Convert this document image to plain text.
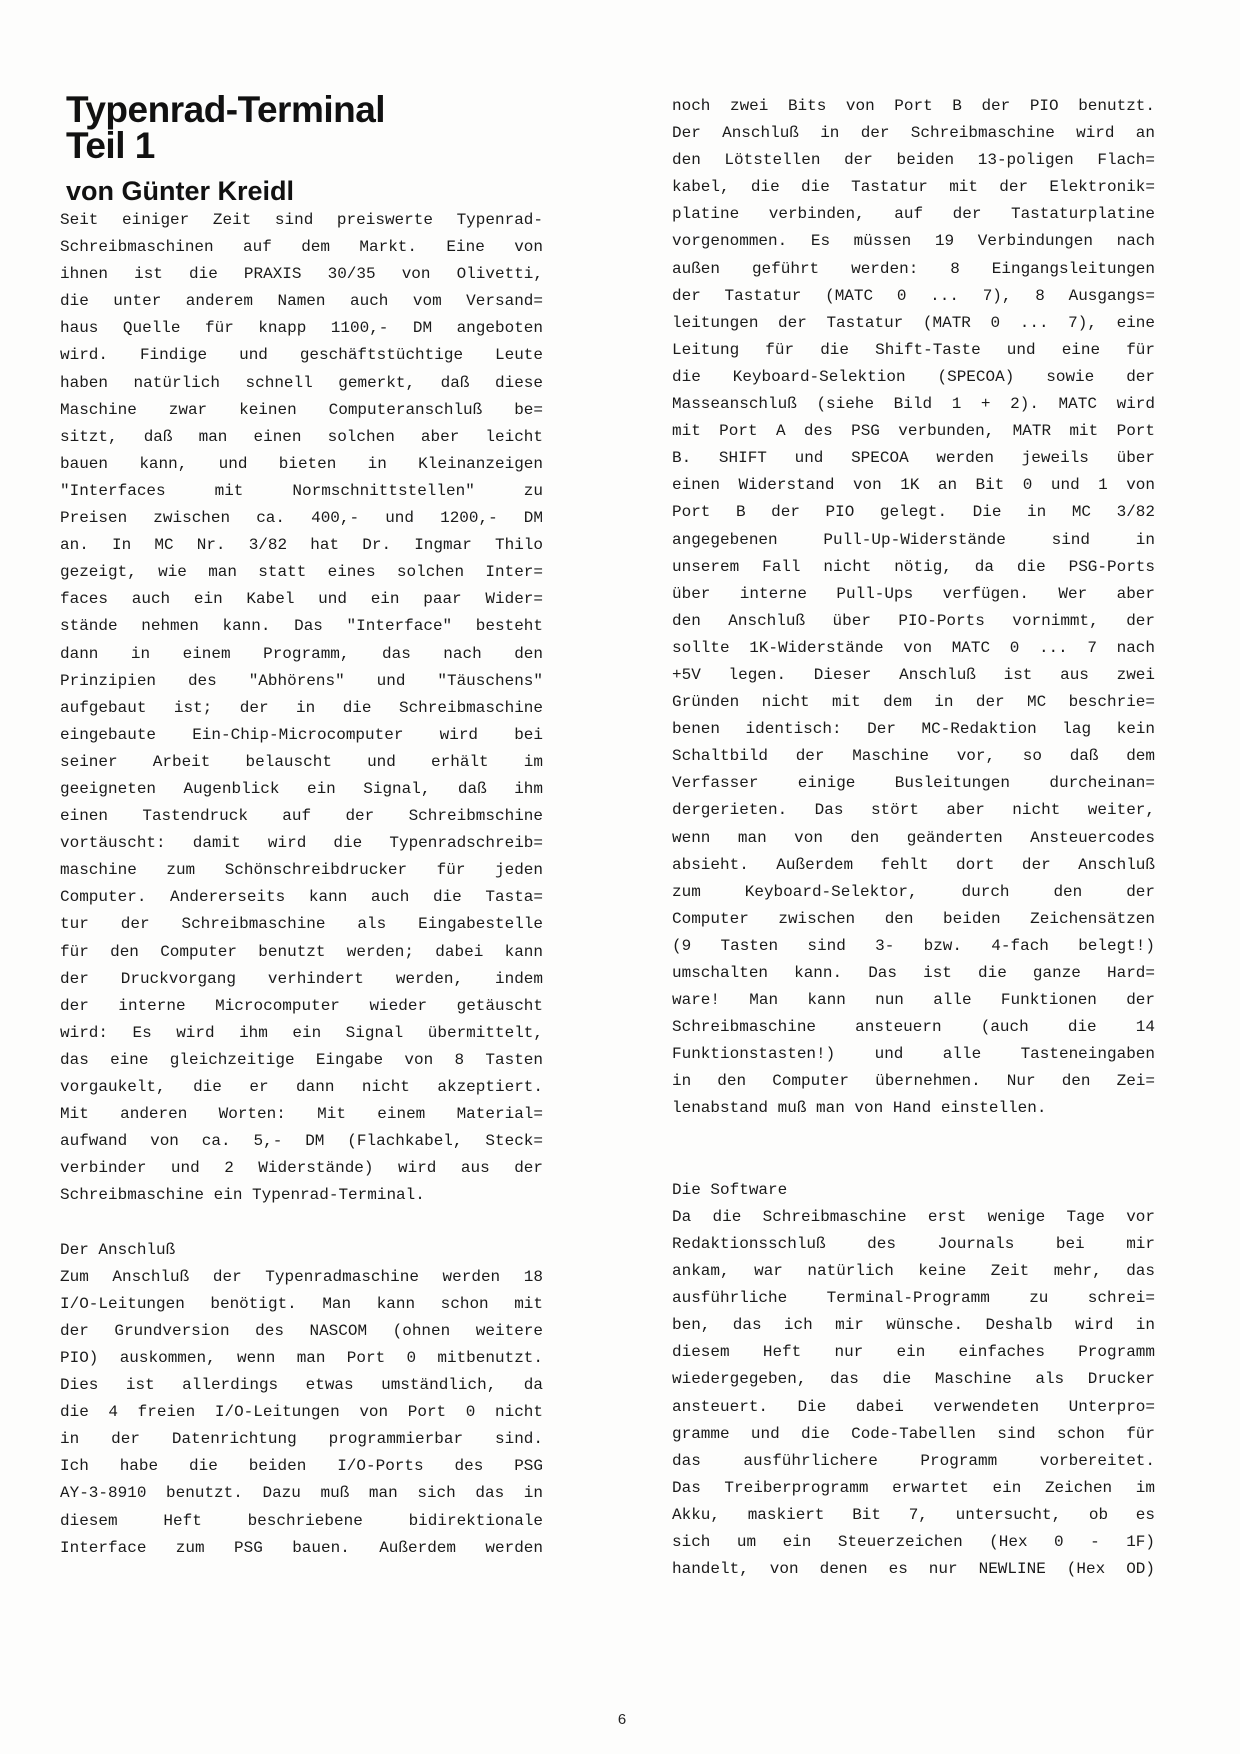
Typenrad-Terminal
Teil 1
von Günter Kreidl
Seit einiger Zeit sind preiswerte Typenrad-
Schreibmaschinen auf dem Markt. Eine von
ihnen ist die PRAXIS 30/35 von Olivetti,
die unter anderem Namen auch vom Versand=
haus Quelle für knapp 1100,- DM angeboten
wird. Findige und geschäftstüchtige Leute
haben natürlich schnell gemerkt, daß diese
Maschine zwar keinen Computeranschluß be=
sitzt, daß man einen solchen aber leicht
bauen kann, und bieten in Kleinanzeigen
"Interfaces mit Normschnittstellen" zu
Preisen zwischen ca. 400,- und 1200,- DM
an. In MC Nr. 3/82 hat Dr. Ingmar Thilo
gezeigt, wie man statt eines solchen Inter=
faces auch ein Kabel und ein paar Wider=
stände nehmen kann. Das "Interface" besteht
dann in einem Programm, das nach den
Prinzipien des "Abhörens" und "Täuschens"
aufgebaut ist; der in die Schreibmaschine
eingebaute Ein-Chip-Microcomputer wird bei
seiner Arbeit belauscht und erhält im
geeigneten Augenblick ein Signal, daß ihm
einen Tastendruck auf der Schreibmschine
vortäuscht: damit wird die Typenradschreib=
maschine zum Schönschreibdrucker für jeden
Computer. Andererseits kann auch die Tasta=
tur der Schreibmaschine als Eingabestelle
für den Computer benutzt werden; dabei kann
der Druckvorgang verhindert werden, indem
der interne Microcomputer wieder getäuscht
wird: Es wird ihm ein Signal übermittelt,
das eine gleichzeitige Eingabe von 8 Tasten
vorgaukelt, die er dann nicht akzeptiert.
Mit anderen Worten: Mit einem Material=
aufwand von ca. 5,- DM (Flachkabel, Steck=
verbinder und 2 Widerstände) wird aus der
Schreibmaschine ein Typenrad-Terminal.
Der Anschluß
Zum Anschluß der Typenradmaschine werden 18
I/O-Leitungen benötigt. Man kann schon mit
der Grundversion des NASCOM (ohnen weitere
PIO) auskommen, wenn man Port 0 mitbenutzt.
Dies ist allerdings etwas umständlich, da
die 4 freien I/O-Leitungen von Port 0 nicht
in der Datenrichtung programmierbar sind.
Ich habe die beiden I/O-Ports des PSG
AY-3-8910 benutzt. Dazu muß man sich das in
diesem Heft beschriebene bidirektionale
Interface zum PSG bauen. Außerdem werden
noch zwei Bits von Port B der PIO benutzt.
Der Anschluß in der Schreibmaschine wird an
den Lötstellen der beiden 13-poligen Flach=
kabel, die die Tastatur mit der Elektronik=
platine verbinden, auf der Tastaturplatine
vorgenommen. Es müssen 19 Verbindungen nach
außen geführt werden: 8 Eingangsleitungen
der Tastatur (MATC 0 ... 7), 8 Ausgangs=
leitungen der Tastatur (MATR 0 ... 7), eine
Leitung für die Shift-Taste und eine für
die Keyboard-Selektion (SPECOA) sowie der
Masseanschluß (siehe Bild 1 + 2). MATC wird
mit Port A des PSG verbunden, MATR mit Port
B. SHIFT und SPECOA werden jeweils über
einen Widerstand von 1K an Bit 0 und 1 von
Port B der PIO gelegt. Die in MC 3/82
angegebenen Pull-Up-Widerstände sind in
unserem Fall nicht nötig, da die PSG-Ports
über interne Pull-Ups verfügen. Wer aber
den Anschluß über PIO-Ports vornimmt, der
sollte 1K-Widerstände von MATC 0 ... 7 nach
+5V legen. Dieser Anschluß ist aus zwei
Gründen nicht mit dem in der MC beschrie=
benen identisch: Der MC-Redaktion lag kein
Schaltbild der Maschine vor, so daß dem
Verfasser einige Busleitungen durcheinan=
dergerieten. Das stört aber nicht weiter,
wenn man von den geänderten Ansteuercodes
absieht. Außerdem fehlt dort der Anschluß
zum Keyboard-Selektor, durch den der
Computer zwischen den beiden Zeichensätzen
(9 Tasten sind 3- bzw. 4-fach belegt!)
umschalten kann. Das ist die ganze Hard=
ware! Man kann nun alle Funktionen der
Schreibmaschine ansteuern (auch die 14
Funktionstasten!) und alle Tasteneingaben
in den Computer übernehmen. Nur den Zei=
lenabstand muß man von Hand einstellen.
Die Software
Da die Schreibmaschine erst wenige Tage vor
Redaktionsschluß des Journals bei mir
ankam, war natürlich keine Zeit mehr, das
ausführliche Terminal-Programm zu schrei=
ben, das ich mir wünsche. Deshalb wird in
diesem Heft nur ein einfaches Programm
wiedergegeben, das die Maschine als Drucker
ansteuert. Die dabei verwendeten Unterpro=
gramme und die Code-Tabellen sind schon für
das ausführlichere Programm vorbereitet.
Das Treiberprogramm erwartet ein Zeichen im
Akku, maskiert Bit 7, untersucht, ob es
sich um ein Steuerzeichen (Hex 0 - 1F)
handelt, von denen es nur NEWLINE (Hex OD)
6
